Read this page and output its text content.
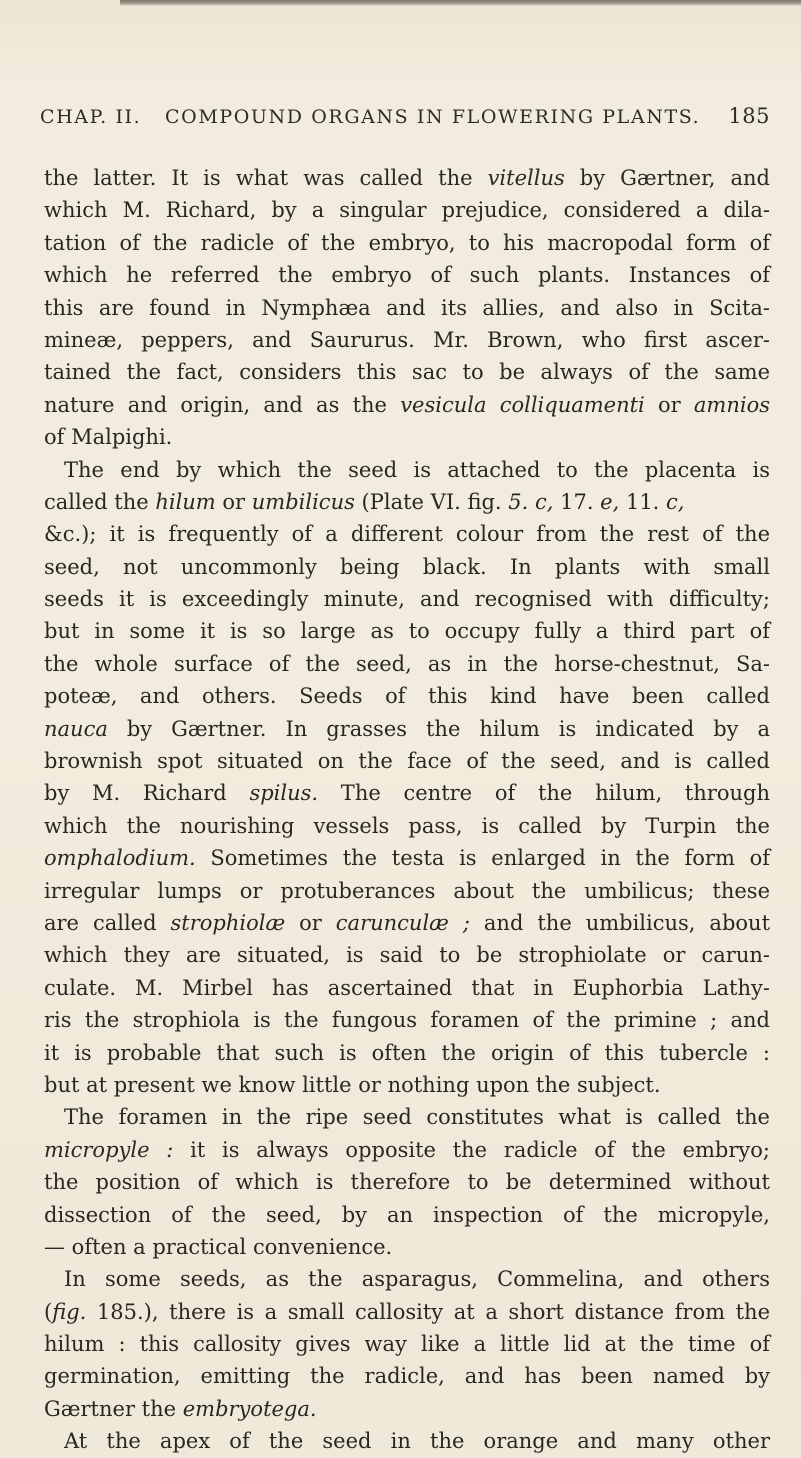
CHAP. II. COMPOUND ORGANS IN FLOWERING PLANTS. 185
the latter. It is what was called the vitellus by Gærtner, and
which M. Richard, by a singular prejudice, considered a dila-
tation of the radicle of the embryo, to his macropodal form of
which he referred the embryo of such plants. Instances of
this are found in Nymphæa and its allies, and also in Scita-
mineæ, peppers, and Saururus. Mr. Brown, who first ascer-
tained the fact, considers this sac to be always of the same
nature and origin, and as the vesicula colliquamenti or amnios
of Malpighi.
The end by which the seed is attached to the placenta is
called the hilum or umbilicus (Plate VI. fig. 5. c, 17. e, 11. c,
&c.); it is frequently of a different colour from the rest of the
seed, not uncommonly being black. In plants with small
seeds it is exceedingly minute, and recognised with difficulty;
but in some it is so large as to occupy fully a third part of
the whole surface of the seed, as in the horse-chestnut, Sa-
poteæ, and others. Seeds of this kind have been called
nauca by Gærtner. In grasses the hilum is indicated by a
brownish spot situated on the face of the seed, and is called
by M. Richard spilus. The centre of the hilum, through
which the nourishing vessels pass, is called by Turpin the
omphalodium. Sometimes the testa is enlarged in the form of
irregular lumps or protuberances about the umbilicus; these
are called strophiolæ or carunculæ ; and the umbilicus, about
which they are situated, is said to be strophiolate or carun-
culate. M. Mirbel has ascertained that in Euphorbia Lathy-
ris the strophiola is the fungous foramen of the primine ; and
it is probable that such is often the origin of this tubercle :
but at present we know little or nothing upon the subject.
The foramen in the ripe seed constitutes what is called the
micropyle : it is always opposite the radicle of the embryo;
the position of which is therefore to be determined without
dissection of the seed, by an inspection of the micropyle,
— often a practical convenience.
In some seeds, as the asparagus, Commelina, and others
(fig. 185.), there is a small callosity at a short distance from the
hilum : this callosity gives way like a little lid at the time of
germination, emitting the radicle, and has been named by
Gærtner the embryotega.
At the apex of the seed in the orange and many other
